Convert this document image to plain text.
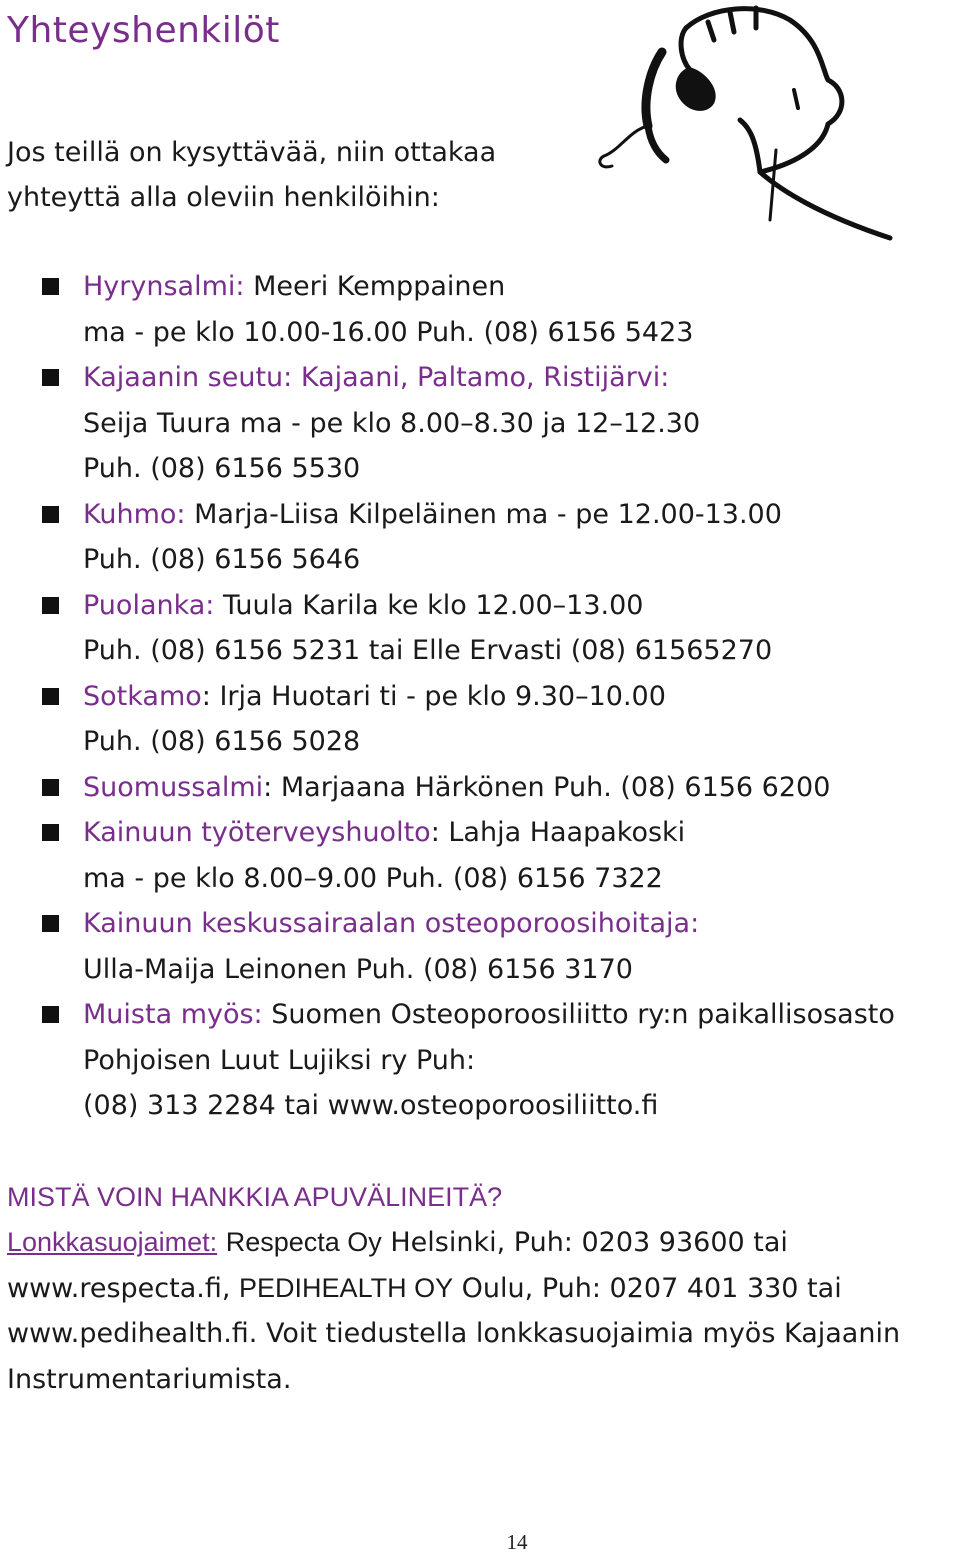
Yhteyshenkilöt
Jos teillä on kysyttävää, niin ottakaa
yhteyttä alla oleviin henkilöihin:
Hyrynsalmi: Meeri Kemppainen
ma - pe klo 10.00-16.00 Puh. (08) 6156 5423
Kajaanin seutu: Kajaani, Paltamo, Ristijärvi:
Seija Tuura ma - pe klo 8.00–8.30 ja 12–12.30
Puh. (08) 6156 5530
Kuhmo: Marja-Liisa Kilpeläinen ma - pe 12.00-13.00
Puh. (08) 6156 5646
Puolanka: Tuula Karila ke klo 12.00–13.00
Puh. (08) 6156 5231 tai Elle Ervasti (08) 61565270
Sotkamo: Irja Huotari ti - pe klo 9.30–10.00
Puh. (08) 6156 5028
Suomussalmi: Marjaana Härkönen Puh. (08) 6156 6200
Kainuun työterveyshuolto: Lahja Haapakoski
ma - pe klo 8.00–9.00 Puh. (08) 6156 7322
Kainuun keskussairaalan osteoporoosihoitaja:
Ulla-Maija Leinonen Puh. (08) 6156 3170
Muista myös: Suomen Osteoporoosiliitto ry:n paikallisosasto
Pohjoisen Luut Lujiksi ry Puh:
(08) 313 2284 tai www.osteoporoosiliitto.fi
MISTÄ VOIN HANKKIA APUVÄLINEITÄ?
Lonkkasuojaimet: Respecta Oy Helsinki, Puh: 0203 93600 tai
www.respecta.fi, PEDIHEALTH OY Oulu, Puh: 0207 401 330 tai
www.pedihealth.fi. Voit tiedustella lonkkasuojaimia myös Kajaanin
Instrumentariumista.
14
